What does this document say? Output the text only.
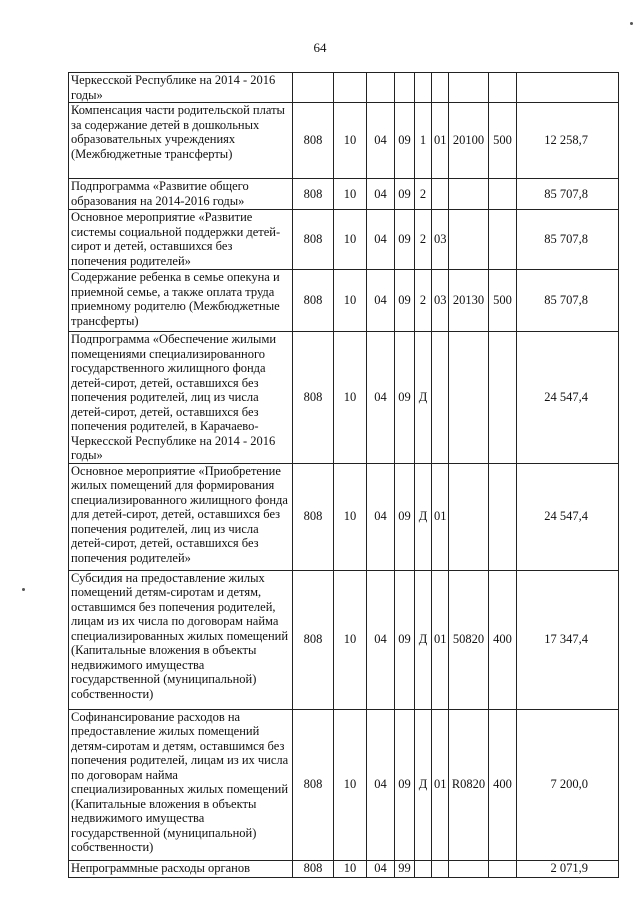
64
Черкесской Республике на 2014 - 2016 годы»									
Компенсация части родительской платы за содержание детей в дошкольных образовательных учреждениях (Межбюджетные трансферты)	808	10	04	09	1	01	20100	500	12 258,7
Подпрограмма «Развитие общего образования на 2014-2016 годы»	808	10	04	09	2				85 707,8
Основное мероприятие «Развитие системы социальной поддержки детей-сирот и детей, оставшихся без попечения родителей»	808	10	04	09	2	03			85 707,8
Содержание ребенка в семье опекуна и приемной семье, а также оплата труда приемному родителю (Межбюджетные трансферты)	808	10	04	09	2	03	20130	500	85 707,8
Подпрограмма «Обеспечение жилыми помещениями специализированного государственного жилищного фонда детей-сирот, детей, оставшихся без попечения родителей, лиц из числа детей-сирот, детей, оставшихся без попечения родителей, в Карачаево-Черкесской Республике на 2014 - 2016 годы»	808	10	04	09	Д				24 547,4
Основное мероприятие «Приобретение жилых помещений для формирования специализированного жилищного фонда для детей-сирот, детей, оставшихся без попечения родителей, лиц из числа детей-сирот, детей, оставшихся без попечения родителей»	808	10	04	09	Д	01			24 547,4
Субсидия на предоставление жилых помещений детям-сиротам и детям, оставшимся без попечения родителей, лицам из их числа по договорам найма специализированных жилых помещений (Капитальные вложения в объекты недвижимого имущества государственной (муниципальной) собственности)	808	10	04	09	Д	01	50820	400	17 347,4
Софинансирование расходов на предоставление жилых помещений детям-сиротам и детям, оставшимся без попечения родителей, лицам из их числа по договорам найма специализированных жилых помещений (Капитальные вложения в объекты недвижимого имущества государственной (муниципальной) собственности)	808	10	04	09	Д	01	R0820	400	7 200,0
Непрограммные расходы органов	808	10	04	99					2 071,9
